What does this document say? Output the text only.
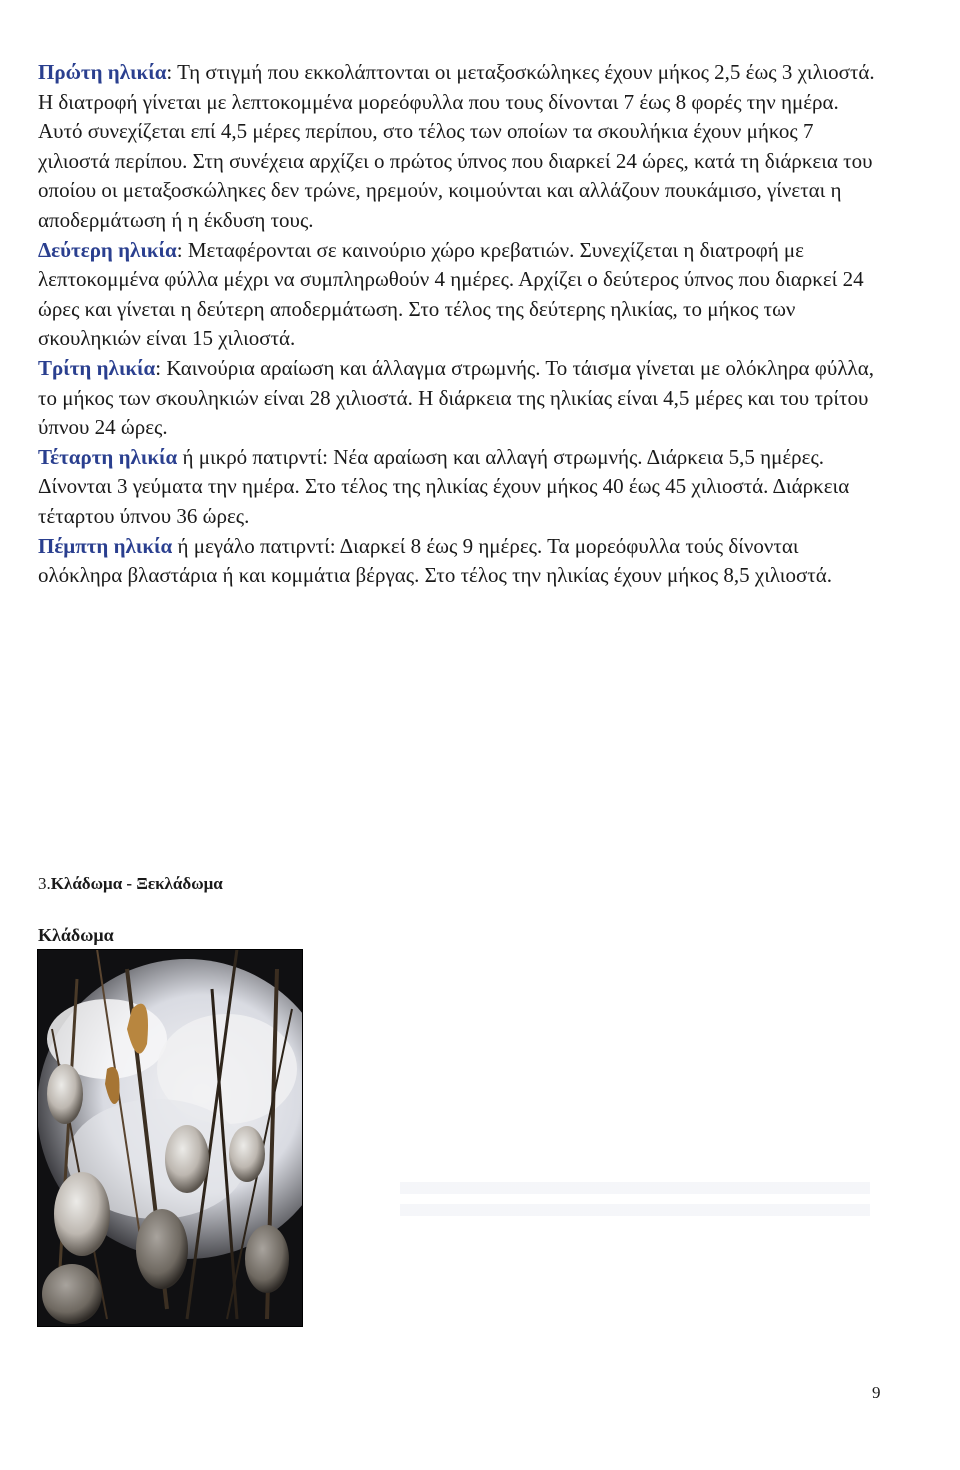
Πρώτη ηλικία: Τη στιγμή που εκκολάπτονται οι μεταξοσκώληκες έχουν μήκος 2,5 έως 3 χιλιοστά. Η διατροφή γίνεται με λεπτοκομμένα μορεόφυλλα που τους δίνονται 7 έως 8 φορές την ημέρα. Αυτό συνεχίζεται επί 4,5 μέρες περίπου, στο τέλος των οποίων τα σκουλήκια έχουν μήκος 7 χιλιοστά περίπου. Στη συνέχεια αρχίζει ο πρώτος ύπνος που διαρκεί 24 ώρες, κατά τη διάρκεια του οποίου οι μεταξοσκώληκες δεν τρώνε, ηρεμούν, κοιμούνται και αλλάζουν πουκάμισο, γίνεται η αποδερμάτωση ή η έκδυση τους.

Δεύτερη ηλικία: Μεταφέρονται σε καινούριο χώρο κρεβατιών. Συνεχίζεται η διατροφή με λεπτοκομμένα φύλλα μέχρι να συμπληρωθούν 4 ημέρες. Αρχίζει ο δεύτερος ύπνος που διαρκεί 24 ώρες και γίνεται η δεύτερη αποδερμάτωση. Στο τέλος της δεύτερης ηλικίας, το μήκος των σκουληκιών είναι 15 χιλιοστά.

Τρίτη ηλικία: Καινούρια αραίωση και άλλαγμα στρωμνής. Το τάισμα γίνεται με ολόκληρα φύλλα, το μήκος των σκουληκιών είναι 28 χιλιοστά. Η διάρκεια της ηλικίας είναι 4,5 μέρες και του τρίτου ύπνου 24 ώρες.

Τέταρτη ηλικία ή μικρό πατιρντί: Νέα αραίωση και αλλαγή στρωμνής. Διάρκεια 5,5 ημέρες. Δίνονται 3 γεύματα την ημέρα. Στο τέλος της ηλικίας έχουν μήκος 40 έως 45 χιλιοστά. Διάρκεια τέταρτου ύπνου 36 ώρες.

Πέμπτη ηλικία ή μεγάλο πατιρντί: Διαρκεί 8 έως 9 ημέρες. Τα μορεόφυλλα τούς δίνονται ολόκληρα βλαστάρια ή και κομμάτια βέργας. Στο τέλος την ηλικίας έχουν μήκος 8,5 χιλιοστά.

3.Κλάδωμα - Ξεκλάδωμα
Κλάδωμα
9
